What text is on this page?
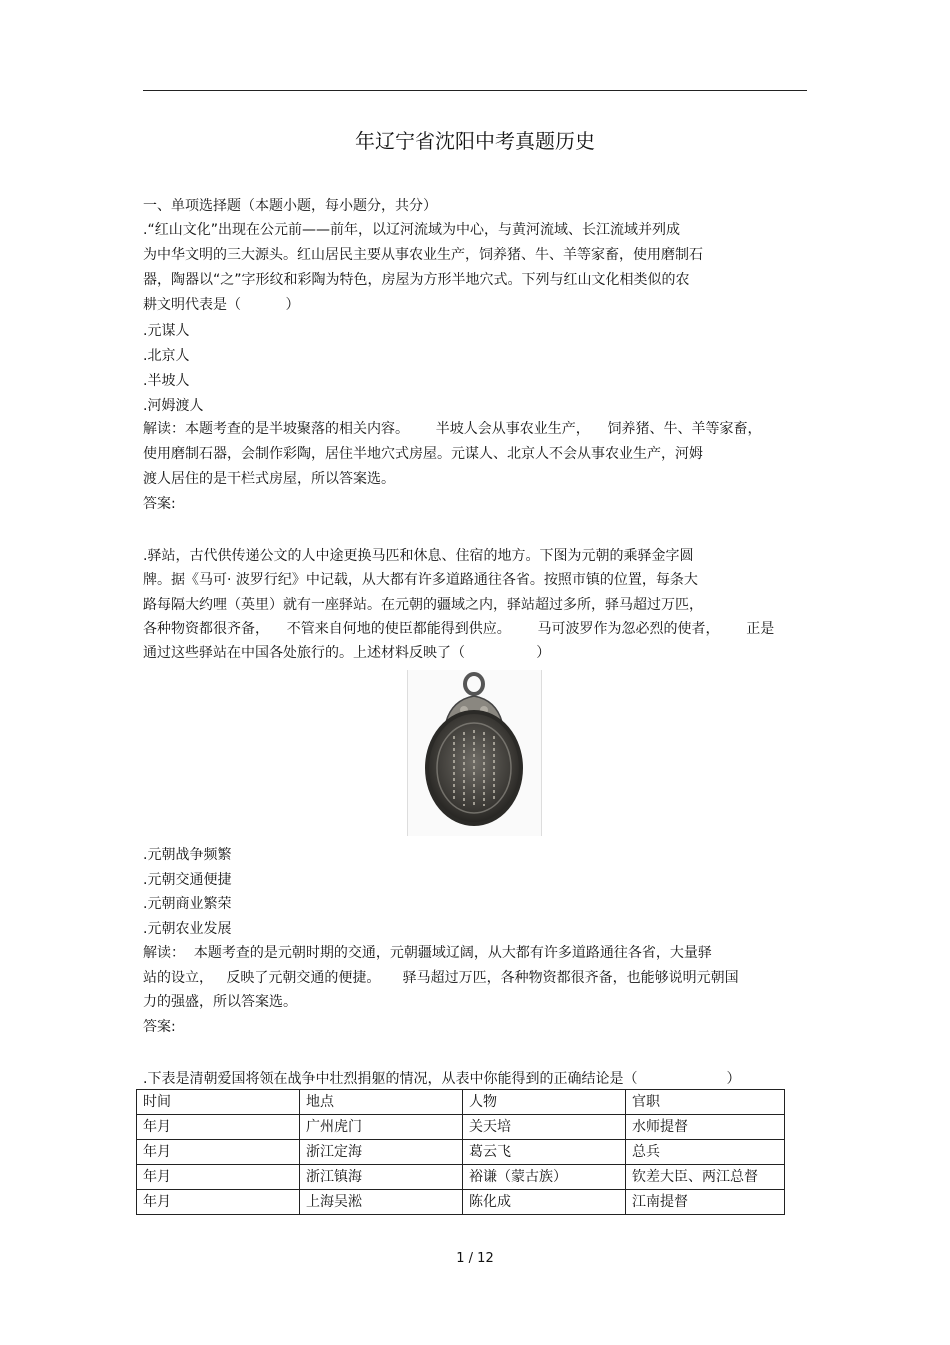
年辽宁省沈阳中考真题历史
一、单项选择题（本题小题，每小题分，共分）
.“红山文化”出现在公元前——前年，以辽河流域为中心，与黄河流域、长江流域并列成
为中华文明的三大源头。红山居民主要从事农业生产，饲养猪、牛、羊等家畜，使用磨制石
器，陶器以“之”字形纹和彩陶为特色，房屋为方形半地穴式。下列与红山文化相类似的农
耕文明代表是（          ）
.元谋人
.北京人
.半坡人
.河姆渡人
解读：本题考查的是半坡聚落的相关内容。      半坡人会从事农业生产，    饲养猪、牛、羊等家畜，
使用磨制石器，会制作彩陶，居住半地穴式房屋。元谋人、北京人不会从事农业生产，河姆
渡人居住的是干栏式房屋，所以答案选。
答案:
.驿站，古代供传递公文的人中途更换马匹和休息、住宿的地方。下图为元朝的乘驿金字圆
牌。据《马可· 波罗行纪》中记载，从大都有许多道路通往各省。按照市镇的位置，每条大
路每隔大约哩（英里）就有一座驿站。在元朝的疆域之内，驿站超过多所，驿马超过万匹，
各种物资都很齐备，    不管来自何地的使臣都能得到供应。      马可波罗作为忽必烈的使者，      正是
通过这些驿站在中国各处旅行的。上述材料反映了（                ）
.元朝战争频繁
.元朝交通便捷
.元朝商业繁荣
.元朝农业发展
解读：  本题考查的是元朝时期的交通，元朝疆域辽阔，从大都有许多道路通往各省，大量驿
站的设立，   反映了元朝交通的便捷。     驿马超过万匹，各种物资都很齐备，也能够说明元朝国
力的强盛，所以答案选。
答案:
.下表是清朝爱国将领在战争中壮烈捐躯的情况，从表中你能得到的正确结论是（                    ）
时间	地点	人物	官职
年月	广州虎门	关天培	水师提督
年月	浙江定海	葛云飞	总兵
年月	浙江镇海	裕谦（蒙古族）	钦差大臣、两江总督
年月	上海吴淞	陈化成	江南提督
1 / 12
